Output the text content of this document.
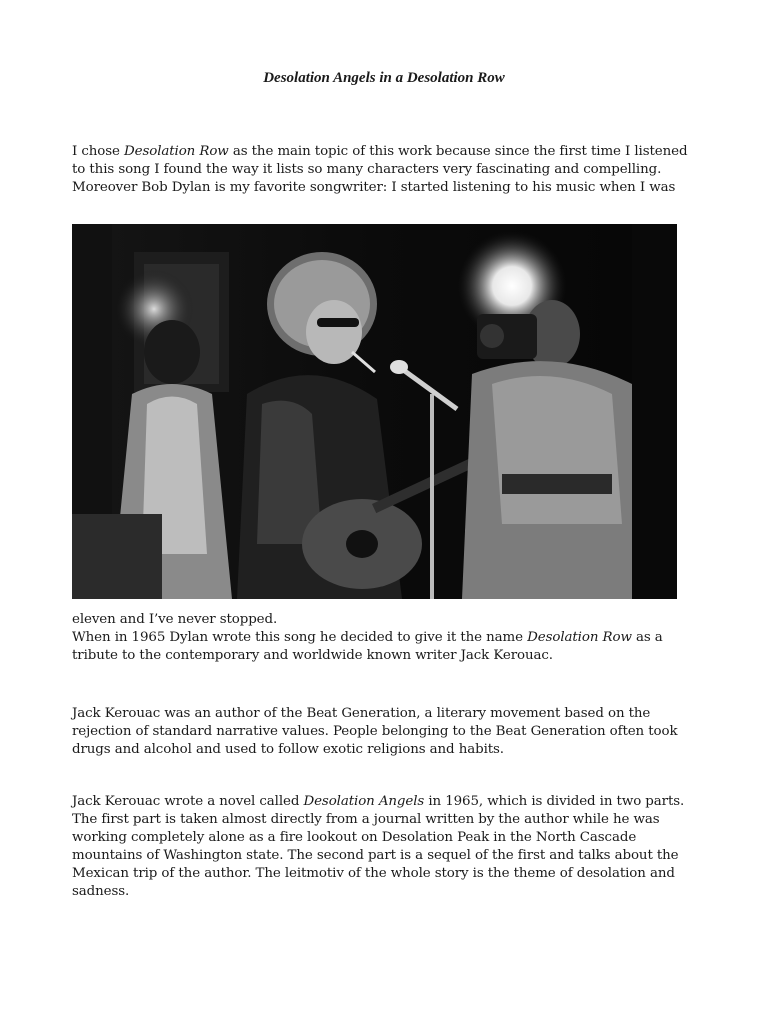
Desolation Angels in a Desolation Row

I chose Desolation Row as the main topic of this work because since the first time I listened to this song I found the way it lists so many characters very fascinating and compelling. Moreover Bob Dylan is my favorite songwriter: I started listening to his music when I was

eleven and I’ve never stopped.
When in 1965 Dylan wrote this song he decided to give it the name Desolation Row as a tribute to the contemporary and worldwide known writer Jack Kerouac.

Jack Kerouac was an author of the Beat Generation, a literary movement based on the rejection of standard narrative values. People belonging to the Beat Generation often took drugs and alcohol and used to follow exotic religions and habits.

Jack Kerouac wrote a novel called Desolation Angels in 1965, which is divided in two parts. The first part is taken almost directly from a journal written by the author while he was working completely alone as a fire lookout on Desolation Peak in the North Cascade mountains of Washington state. The second part is a sequel of the first and talks about the Mexican trip of the author. The leitmotiv of the whole story is the theme of desolation and sadness.
